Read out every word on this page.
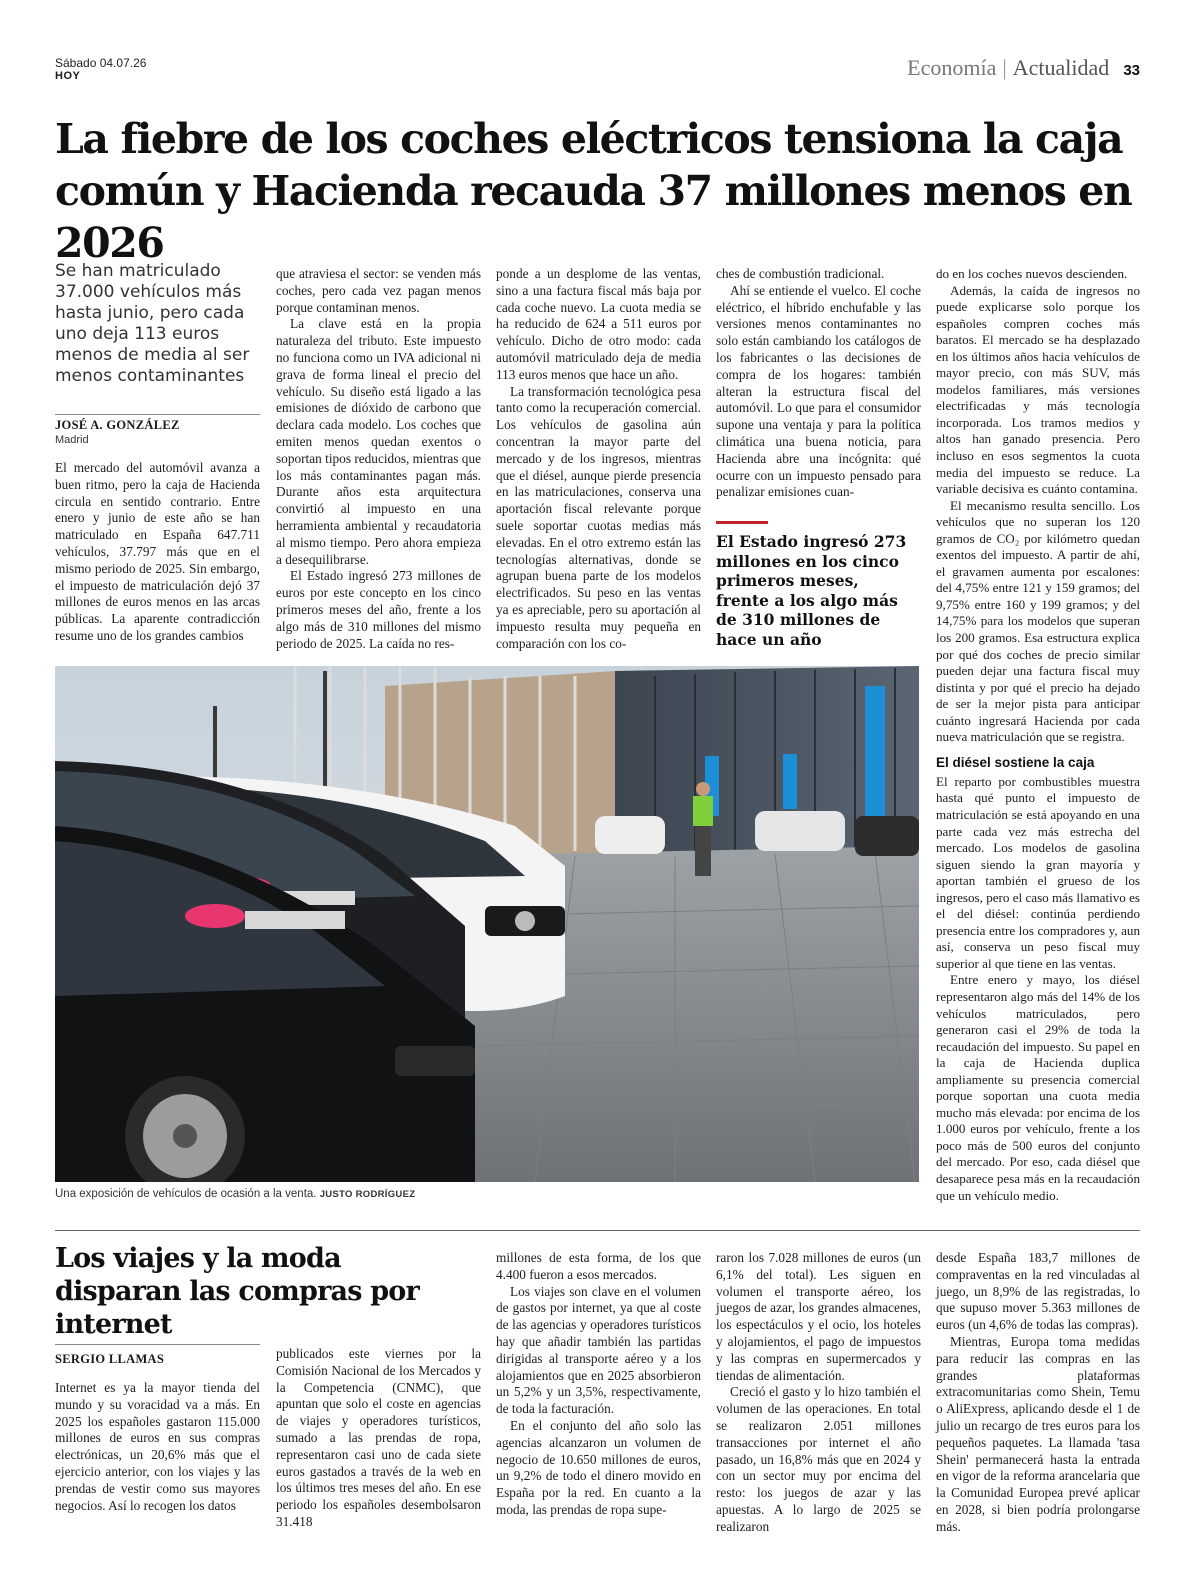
Sábado 04.07.26
HOY	Economía | Actualidad 33
La fiebre de los coches eléctricos tensiona la caja común y Hacienda recauda 37 millones menos en 2026
Se han matriculado 37.000 vehículos más hasta junio, pero cada uno deja 113 euros menos de media al ser menos contaminantes
JOSÉ A. GONZÁLEZ
Madrid

El mercado del automóvil avanza a buen ritmo, pero la caja de Hacienda circula en sentido contrario. Entre enero y junio de este año se han matriculado en España 647.711 vehículos, 37.797 más que en el mismo periodo de 2025. Sin embargo, el impuesto de matriculación dejó 37 millones de euros menos en las arcas públicas. La aparente contradicción resume uno de los grandes cambios

que atraviesa el sector: se venden más coches, pero cada vez pagan menos porque contaminan menos.

La clave está en la propia naturaleza del tributo. Este impuesto no funciona como un IVA adicional ni grava de forma lineal el precio del vehículo. Su diseño está ligado a las emisiones de dióxido de carbono que declara cada modelo. Los coches que emiten menos quedan exentos o soportan tipos reducidos, mientras que los más contaminantes pagan más. Durante años esta arquitectura convirtió al impuesto en una herramienta ambiental y recaudatoria al mismo tiempo. Pero ahora empieza a desequilibrarse.

El Estado ingresó 273 millones de euros por este concepto en los cinco primeros meses del año, frente a los algo más de 310 millones del mismo periodo de 2025. La caída no res-

ponde a un desplome de las ventas, sino a una factura fiscal más baja por cada coche nuevo. La cuota media se ha reducido de 624 a 511 euros por vehículo. Dicho de otro modo: cada automóvil matriculado deja de media 113 euros menos que hace un año.

La transformación tecnológica pesa tanto como la recuperación comercial. Los vehículos de gasolina aún concentran la mayor parte del mercado y de los ingresos, mientras que el diésel, aunque pierde presencia en las matriculaciones, conserva una aportación fiscal relevante porque suele soportar cuotas medias más elevadas. En el otro extremo están las tecnologías alternativas, donde se agrupan buena parte de los modelos electrificados. Su peso en las ventas ya es apreciable, pero su aportación al impuesto resulta muy pequeña en comparación con los co-

ches de combustión tradicional.

Ahí se entiende el vuelco. El coche eléctrico, el híbrido enchufable y las versiones menos contaminantes no solo están cambiando los catálogos de los fabricantes o las decisiones de compra de los hogares: también alteran la estructura fiscal del automóvil. Lo que para el consumidor supone una ventaja y para la política climática una buena noticia, para Hacienda abre una incógnita: qué ocurre con un impuesto pensado para penalizar emisiones cuan-

El Estado ingresó 273 millones en los cinco primeros meses, frente a los algo más de 310 millones de hace un año

do en los coches nuevos descienden.

Además, la caída de ingresos no puede explicarse solo porque los españoles compren coches más baratos. El mercado se ha desplazado en los últimos años hacia vehículos de mayor precio, con más SUV, más modelos familiares, más versiones electrificadas y más tecnología incorporada. Los tramos medios y altos han ganado presencia. Pero incluso en esos segmentos la cuota media del impuesto se reduce. La variable decisiva es cuánto contamina.

El mecanismo resulta sencillo. Los vehículos que no superan los 120 gramos de CO₂ por kilómetro quedan exentos del impuesto. A partir de ahí, el gravamen aumenta por escalones: del 4,75% entre 121 y 159 gramos; del 9,75% entre 160 y 199 gramos; y del 14,75% para los modelos que superan los 200 gramos. Esa estructura explica por qué dos coches de precio similar pueden dejar una factura fiscal muy distinta y por qué el precio ha dejado de ser la mejor pista para anticipar cuánto ingresará Hacienda por cada nueva matriculación que se registra.

El diésel sostiene la caja

El reparto por combustibles muestra hasta qué punto el impuesto de matriculación se está apoyando en una parte cada vez más estrecha del mercado. Los modelos de gasolina siguen siendo la gran mayoría y aportan también el grueso de los ingresos, pero el caso más llamativo es el del diésel: continúa perdiendo presencia entre los compradores y, aun así, conserva un peso fiscal muy superior al que tiene en las ventas.

Entre enero y mayo, los diésel representaron algo más del 14% de los vehículos matriculados, pero generaron casi el 29% de toda la recaudación del impuesto. Su papel en la caja de Hacienda duplica ampliamente su presencia comercial porque soportan una cuota media mucho más elevada: por encima de los 1.000 euros por vehículo, frente a los poco más de 500 euros del conjunto del mercado. Por eso, cada diésel que desaparece pesa más en la recaudación que un vehículo medio.

Una exposición de vehículos de ocasión a la venta. JUSTO RODRÍGUEZ
Los viajes y la moda disparan las compras por internet
SERGIO LLAMAS

Internet es ya la mayor tienda del mundo y su voracidad va a más. En 2025 los españoles gastaron 115.000 millones de euros en sus compras electrónicas, un 20,6% más que el ejercicio anterior, con los viajes y las prendas de vestir como sus mayores negocios. Así lo recogen los datos

publicados este viernes por la Comisión Nacional de los Mercados y la Competencia (CNMC), que apuntan que solo el coste en agencias de viajes y operadores turísticos, sumado a las prendas de ropa, representaron casi uno de cada siete euros gastados a través de la web en los últimos tres meses del año. En ese periodo los españoles desembolsaron 31.418

millones de esta forma, de los que 4.400 fueron a esos mercados.

Los viajes son clave en el volumen de gastos por internet, ya que al coste de las agencias y operadores turísticos hay que añadir también las partidas dirigidas al transporte aéreo y a los alojamientos que en 2025 absorbieron un 5,2% y un 3,5%, respectivamente, de toda la facturación.

En el conjunto del año solo las agencias alcanzaron un volumen de negocio de 10.650 millones de euros, un 9,2% de todo el dinero movido en España por la red. En cuanto a la moda, las prendas de ropa supe-

raron los 7.028 millones de euros (un 6,1% del total). Les siguen en volumen el transporte aéreo, los juegos de azar, los grandes almacenes, los espectáculos y el ocio, los hoteles y alojamientos, el pago de impuestos y las compras en supermercados y tiendas de alimentación.

Creció el gasto y lo hizo también el volumen de las operaciones. En total se realizaron 2.051 millones transacciones por internet el año pasado, un 16,8% más que en 2024 y con un sector muy por encima del resto: los juegos de azar y las apuestas. A lo largo de 2025 se realizaron

desde España 183,7 millones de compraventas en la red vinculadas al juego, un 8,9% de las registradas, lo que supuso mover 5.363 millones de euros (un 4,6% de todas las compras).

Mientras, Europa toma medidas para reducir las compras en las grandes plataformas extracomunitarias como Shein, Temu o AliExpress, aplicando desde el 1 de julio un recargo de tres euros para los pequeños paquetes. La llamada 'tasa Shein' permanecerá hasta la entrada en vigor de la reforma arancelaria que la Comunidad Europea prevé aplicar en 2028, si bien podría prolongarse más.
